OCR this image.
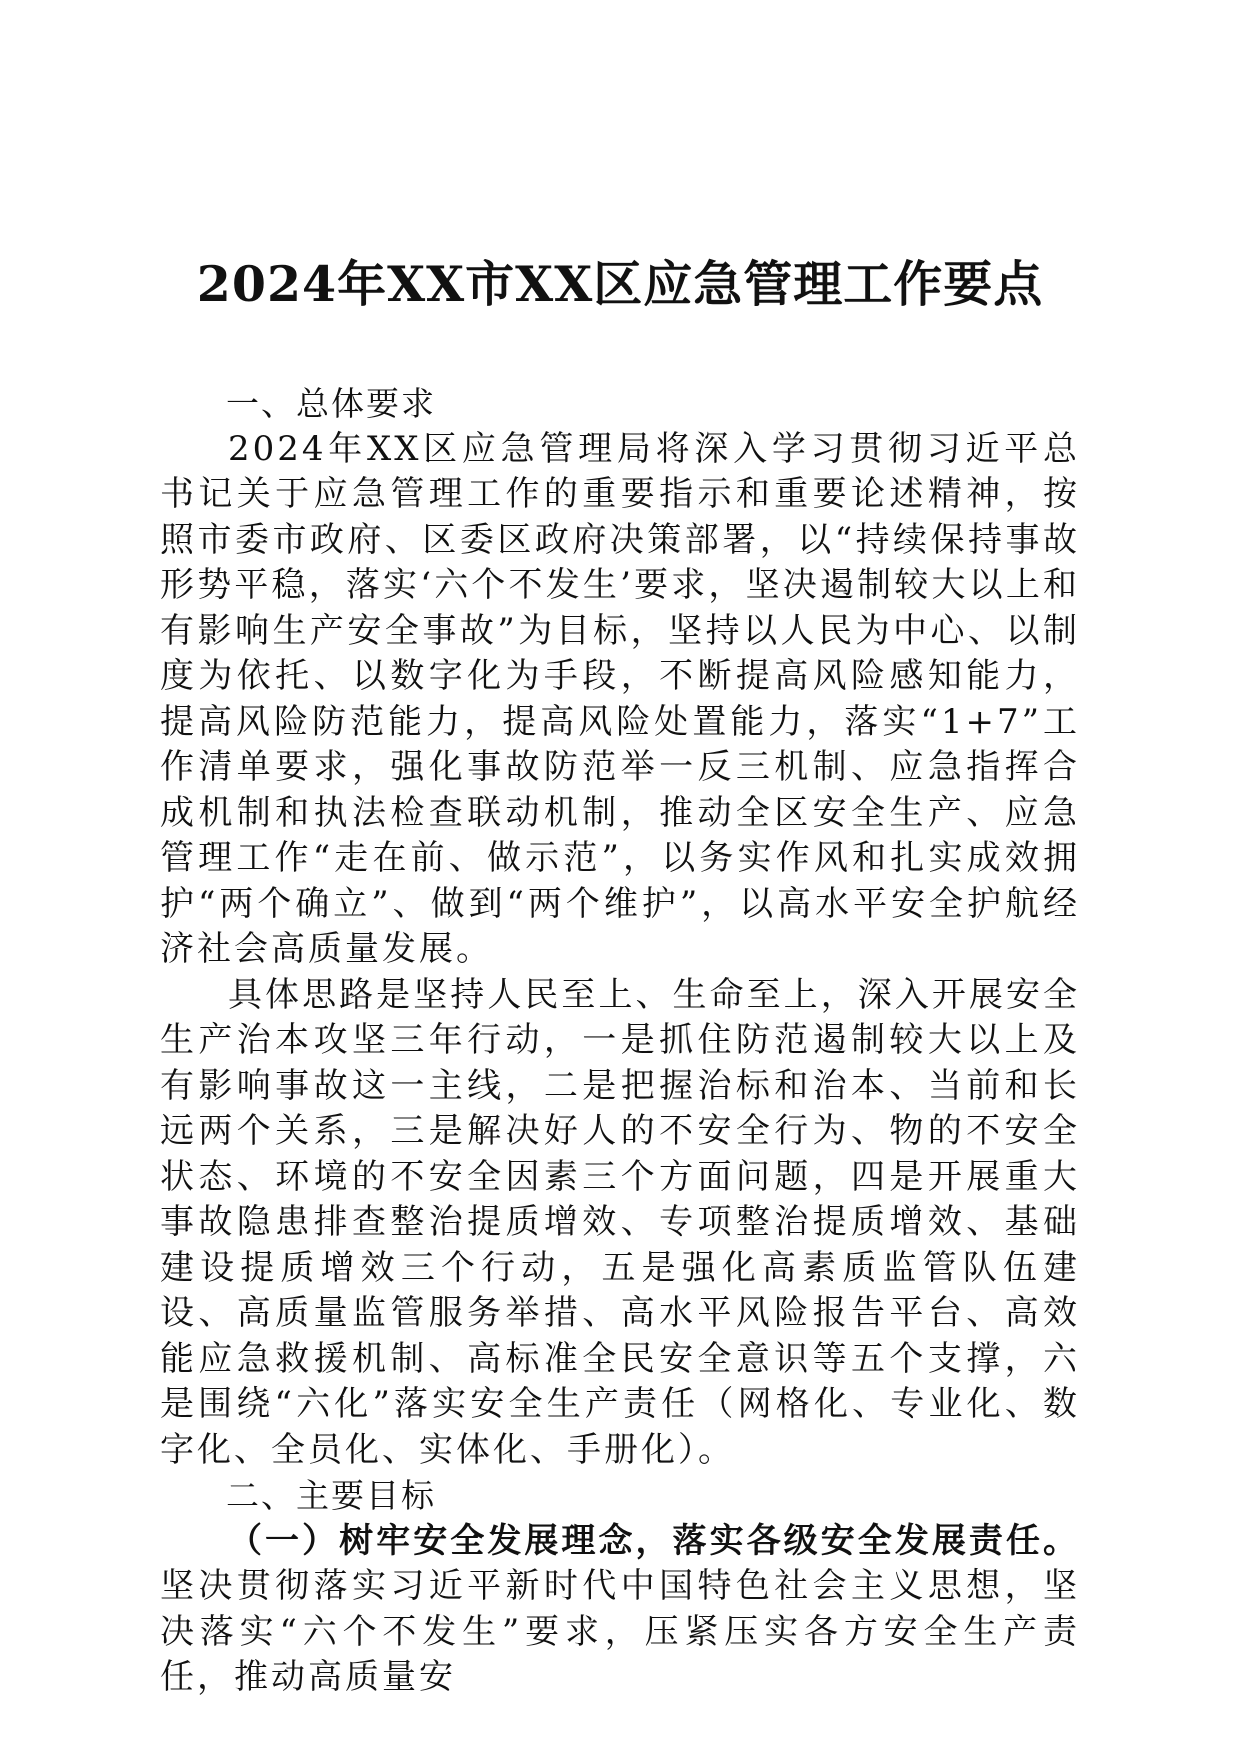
2024年XX市XX区应急管理工作要点

一、总体要求

2024年XX区应急管理局将深入学习贯彻习近平总书记关于应急管理工作的重要指示和重要论述精神，按照市委市政府、区委区政府决策部署，以“持续保持事故形势平稳，落实‘六个不发生’要求，坚决遏制较大以上和有影响生产安全事故”为目标，坚持以人民为中心、以制度为依托、以数字化为手段，不断提高风险感知能力，提高风险防范能力，提高风险处置能力，落实“1+7”工作清单要求，强化事故防范举一反三机制、应急指挥合成机制和执法检查联动机制，推动全区安全生产、应急管理工作“走在前、做示范”，以务实作风和扎实成效拥护“两个确立”、做到“两个维护”，以高水平安全护航经济社会高质量发展。

具体思路是坚持人民至上、生命至上，深入开展安全生产治本攻坚三年行动，一是抓住防范遏制较大以上及有影响事故这一主线，二是把握治标和治本、当前和长远两个关系，三是解决好人的不安全行为、物的不安全状态、环境的不安全因素三个方面问题，四是开展重大事故隐患排查整治提质增效、专项整治提质增效、基础建设提质增效三个行动，五是强化高素质监管队伍建设、高质量监管服务举措、高水平风险报告平台、高效能应急救援机制、高标准全民安全意识等五个支撑，六是围绕“六化”落实安全生产责任（网格化、专业化、数字化、全员化、实体化、手册化）。

二、主要目标

（一）树牢安全发展理念，落实各级安全发展责任。坚决贯彻落实习近平新时代中国特色社会主义思想，坚决落实“六个不发生”要求，压紧压实各方安全生产责任，推动高质量安
